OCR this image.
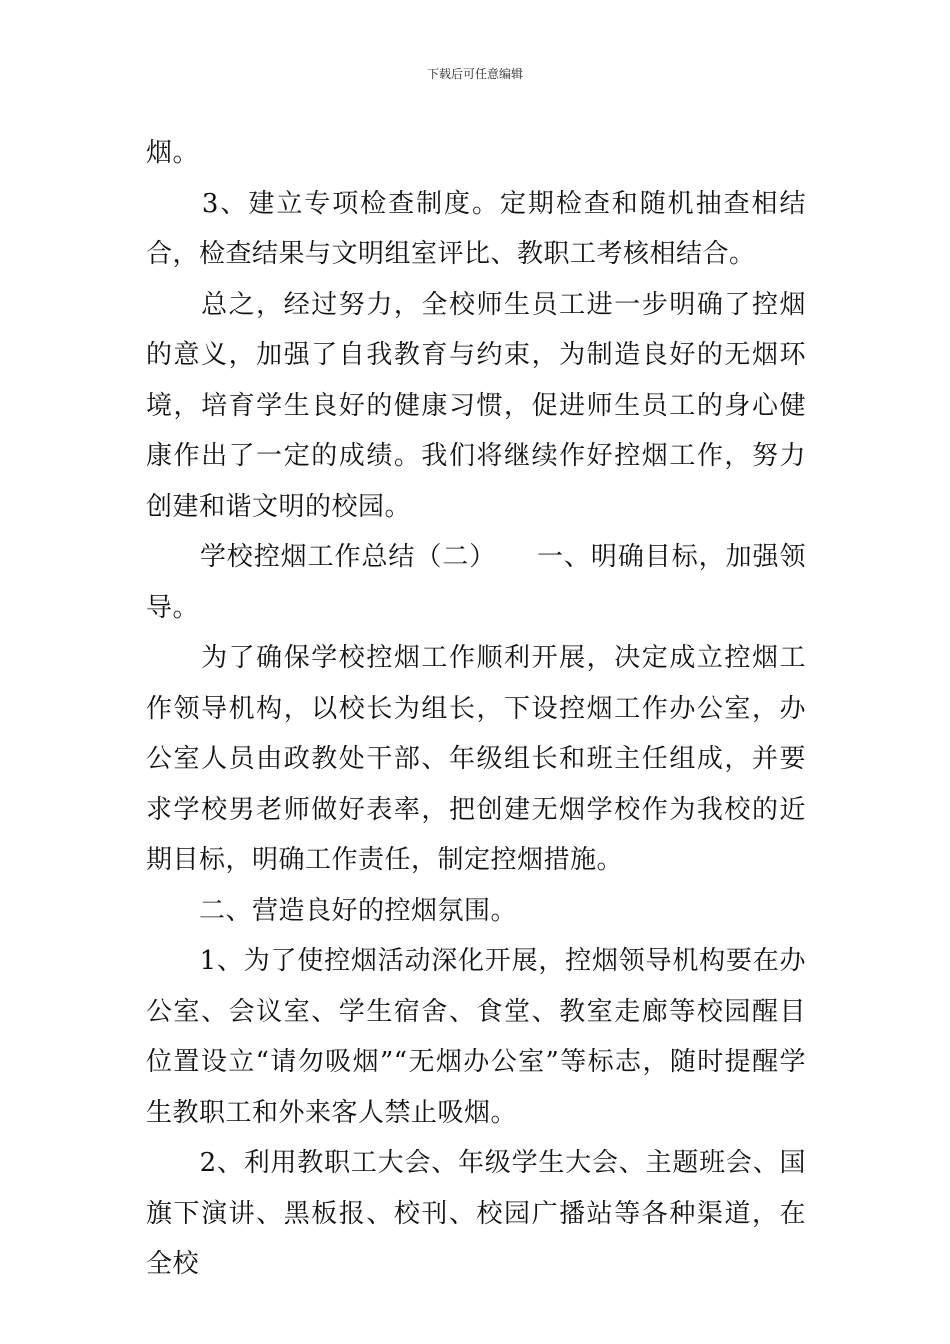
下载后可任意编辑

烟。

　　3、建立专项检查制度。定期检查和随机抽查相结合，检查结果与文明组室评比、教职工考核相结合。

　　总之，经过努力，全校师生员工进一步明确了控烟的意义，加强了自我教育与约束，为制造良好的无烟环境，培育学生良好的健康习惯，促进师生员工的身心健康作出了一定的成绩。我们将继续作好控烟工作，努力创建和谐文明的校园。

　　学校控烟工作总结（二）　　一、明确目标，加强领导。

　　为了确保学校控烟工作顺利开展，决定成立控烟工作领导机构，以校长为组长，下设控烟工作办公室，办公室人员由政教处干部、年级组长和班主任组成，并要求学校男老师做好表率，把创建无烟学校作为我校的近期目标，明确工作责任，制定控烟措施。

　　二、营造良好的控烟氛围。

　　1、为了使控烟活动深化开展，控烟领导机构要在办公室、会议室、学生宿舍、食堂、教室走廊等校园醒目位置设立“请勿吸烟”“无烟办公室”等标志，随时提醒学生教职工和外来客人禁止吸烟。

　　2、利用教职工大会、年级学生大会、主题班会、国旗下演讲、黑板报、校刊、校园广播站等各种渠道，在全校
